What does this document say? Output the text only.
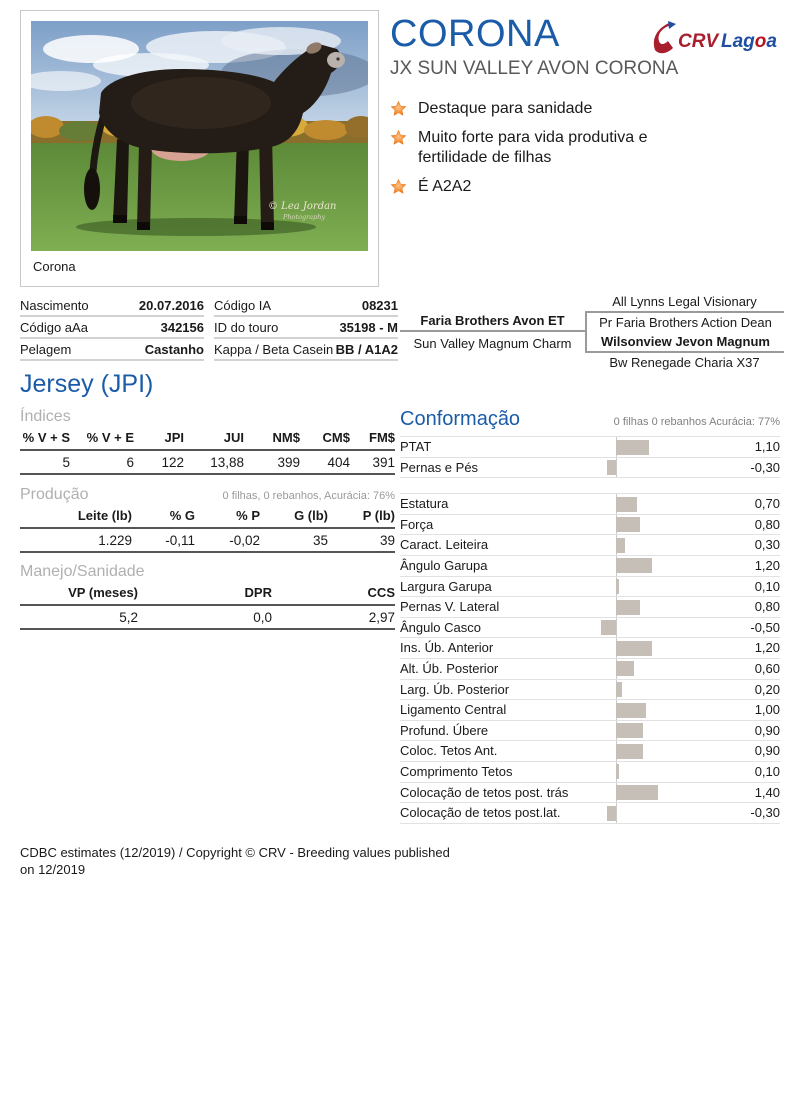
© Lea Jordan
Photography
Corona
CORONA
JX SUN VALLEY AVON CORONA
CRV Lagoa
Destaque para sanidade
Muito forte para vida produtiva e fertilidade de filhas
É A2A2
Nascimento	20.07.2016
Código aAa	342156
Pelagem	Castanho
Código IA	08231
ID do touro	35198 - M
Kappa / Beta Casein BB / A1A2
Faria Brothers Avon ET
Sun Valley Magnum Charm
All Lynns Legal Visionary
Pr Faria Brothers Action Dean
Wilsonview Jevon Magnum
Bw Renegade Charia X37
Jersey (JPI)
Índices
% V + S	% V + E	JPI	JUI	NM$	CM$	FM$
5	6	122	13,88	399	404	391
Produção	0 filhas, 0 rebanhos, Acurácia: 76%
Leite (lb)	% G	% P	G (lb)	P (lb)
1.229	-0,11	-0,02	35	39
Manejo/Sanidade
VP (meses)	DPR	CCS
5,2	0,0	2,97
Conformação	0 filhas 0 rebanhos Acurácia: 77%
PTAT	1,10
Pernas e Pés	-0,30
Estatura	0,70
Força	0,80
Caract. Leiteira	0,30
Ângulo Garupa	1,20
Largura Garupa	0,10
Pernas V. Lateral	0,80
Ângulo Casco	-0,50
Ins. Úb. Anterior	1,20
Alt. Úb. Posterior	0,60
Larg. Úb. Posterior	0,20
Ligamento Central	1,00
Profund. Úbere	0,90
Coloc. Tetos Ant.	0,90
Comprimento Tetos	0,10
Colocação de tetos post. trás	1,40
Colocação de tetos post.lat.	-0,30
CDBC estimates (12/2019) / Copyright © CRV - Breeding values published on 12/2019
